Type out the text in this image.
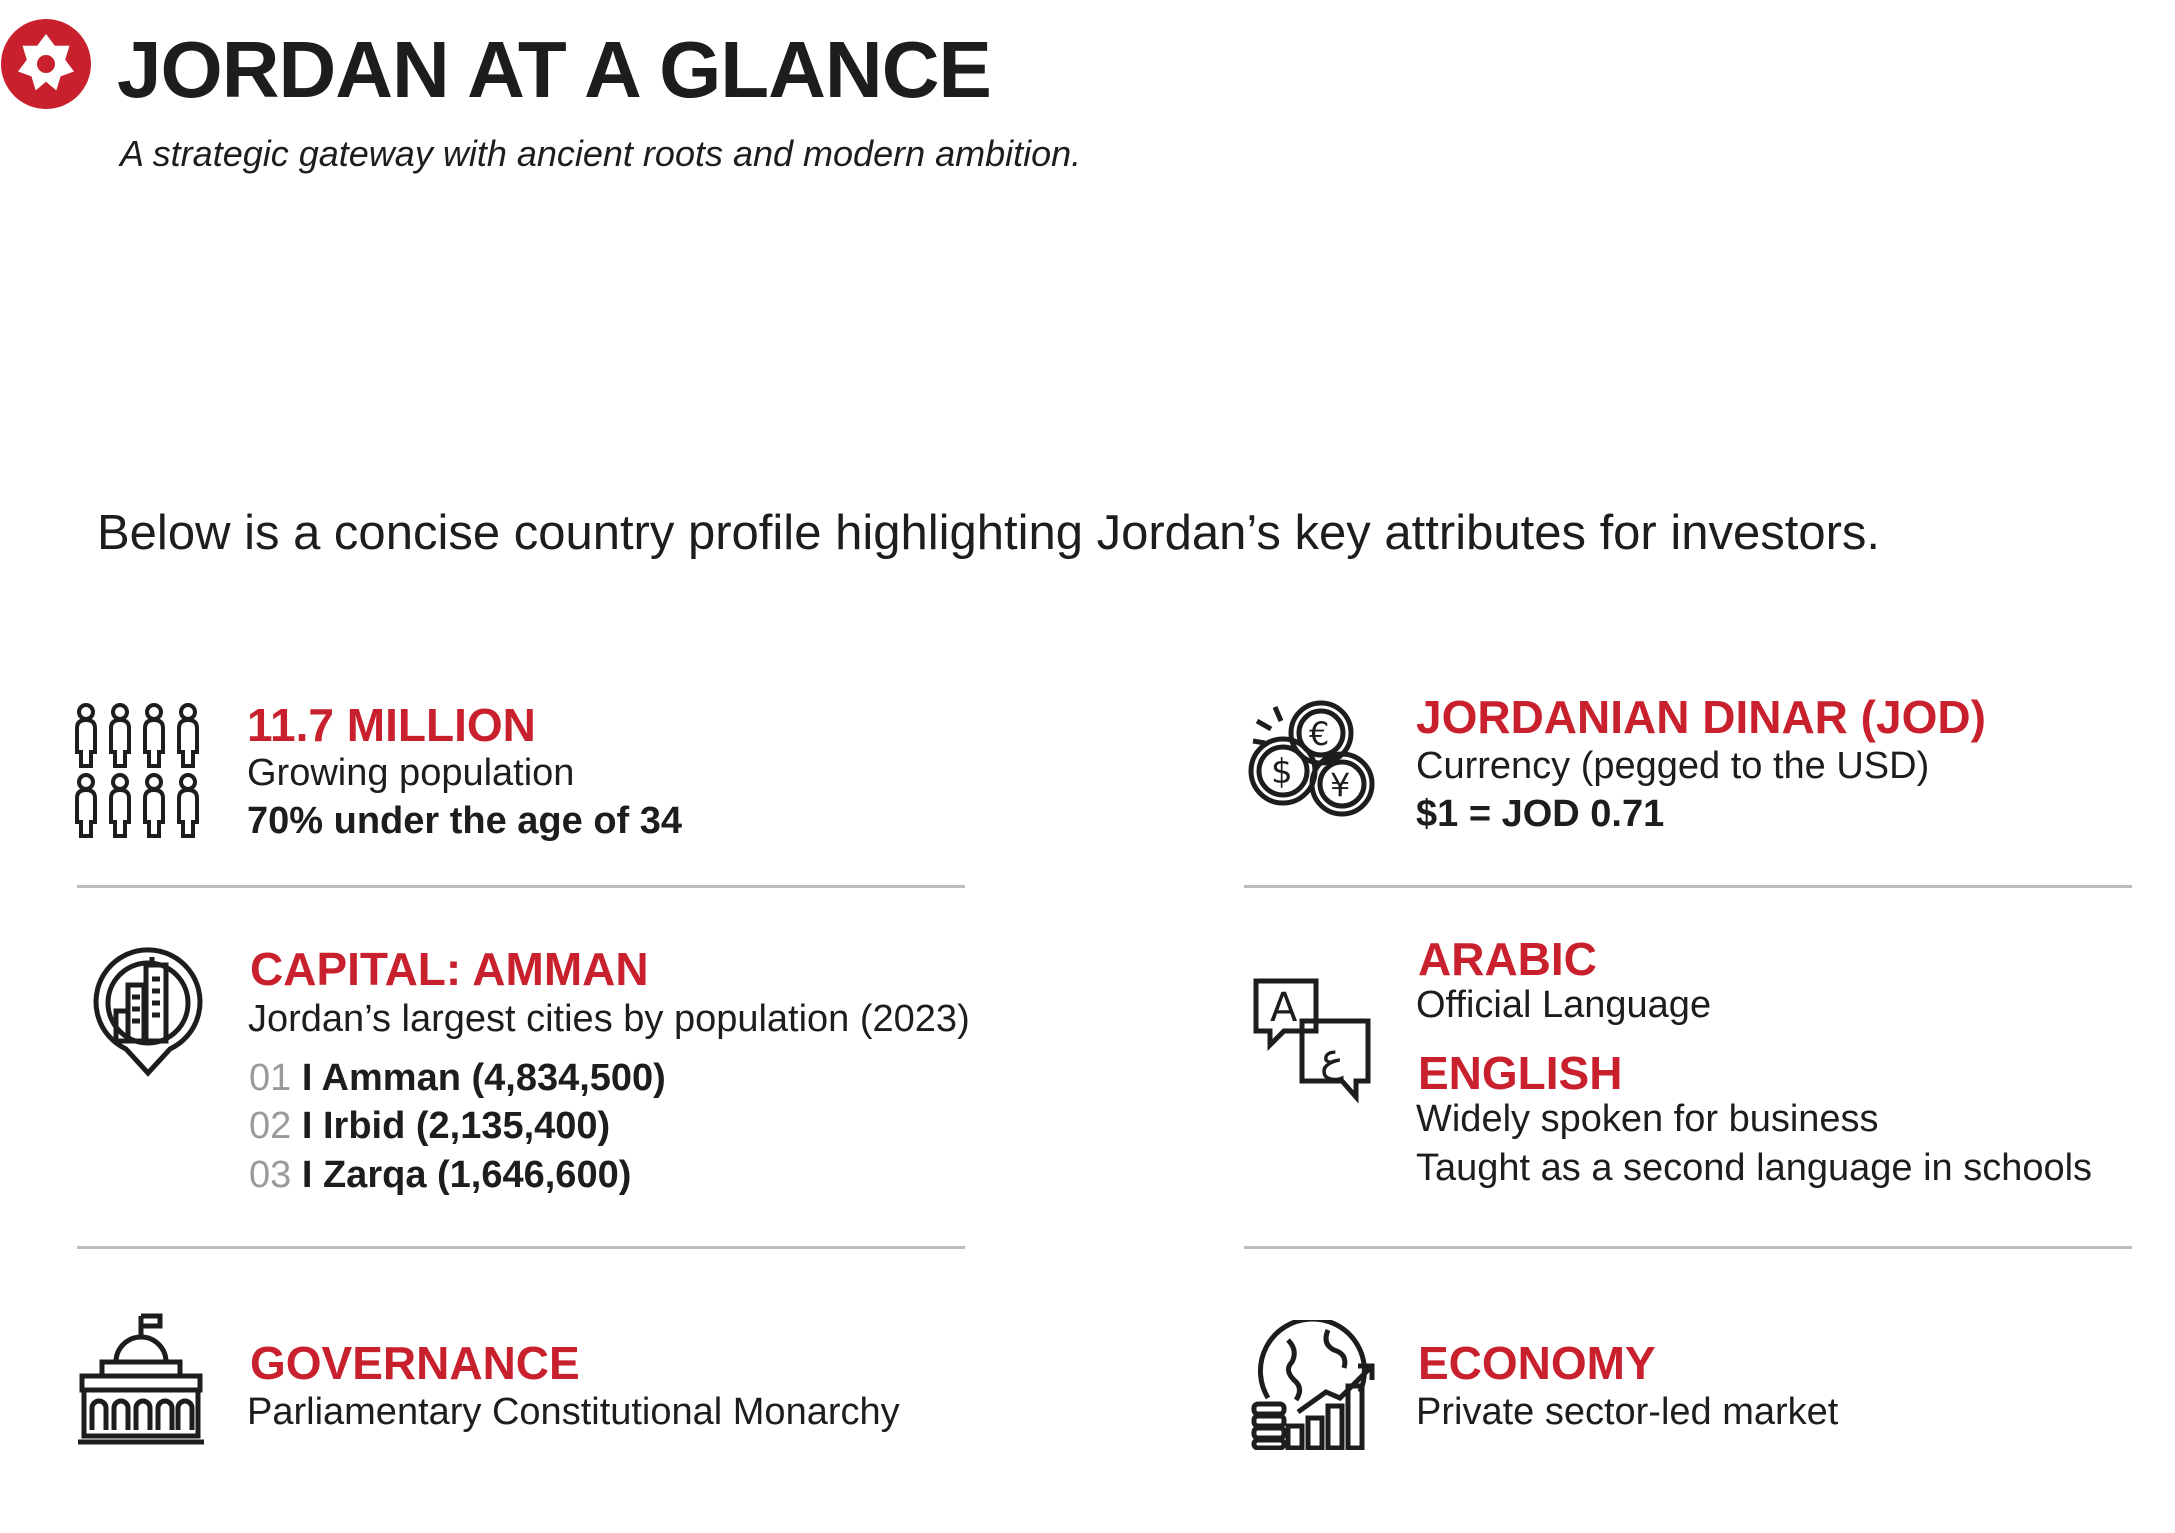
JORDAN AT A GLANCE
A strategic gateway with ancient roots and modern ambition.
Below is a concise country profile highlighting Jordan’s key attributes for investors.
11.7 MILLION
Growing population
70% under the age of 34
€
$ ¥
JORDANIAN DINAR (JOD)
Currency (pegged to the USD)
$1 = JOD 0.71
CAPITAL: AMMAN
Jordan’s largest cities by population (2023)
01 I Amman (4,834,500)
02 I Irbid (2,135,400)
03 I Zarqa (1,646,600)
A
ع
ARABIC
Official Language
ENGLISH
Widely spoken for business
Taught as a second language in schools
GOVERNANCE
Parliamentary Constitutional Monarchy
ECONOMY
Private sector-led market
